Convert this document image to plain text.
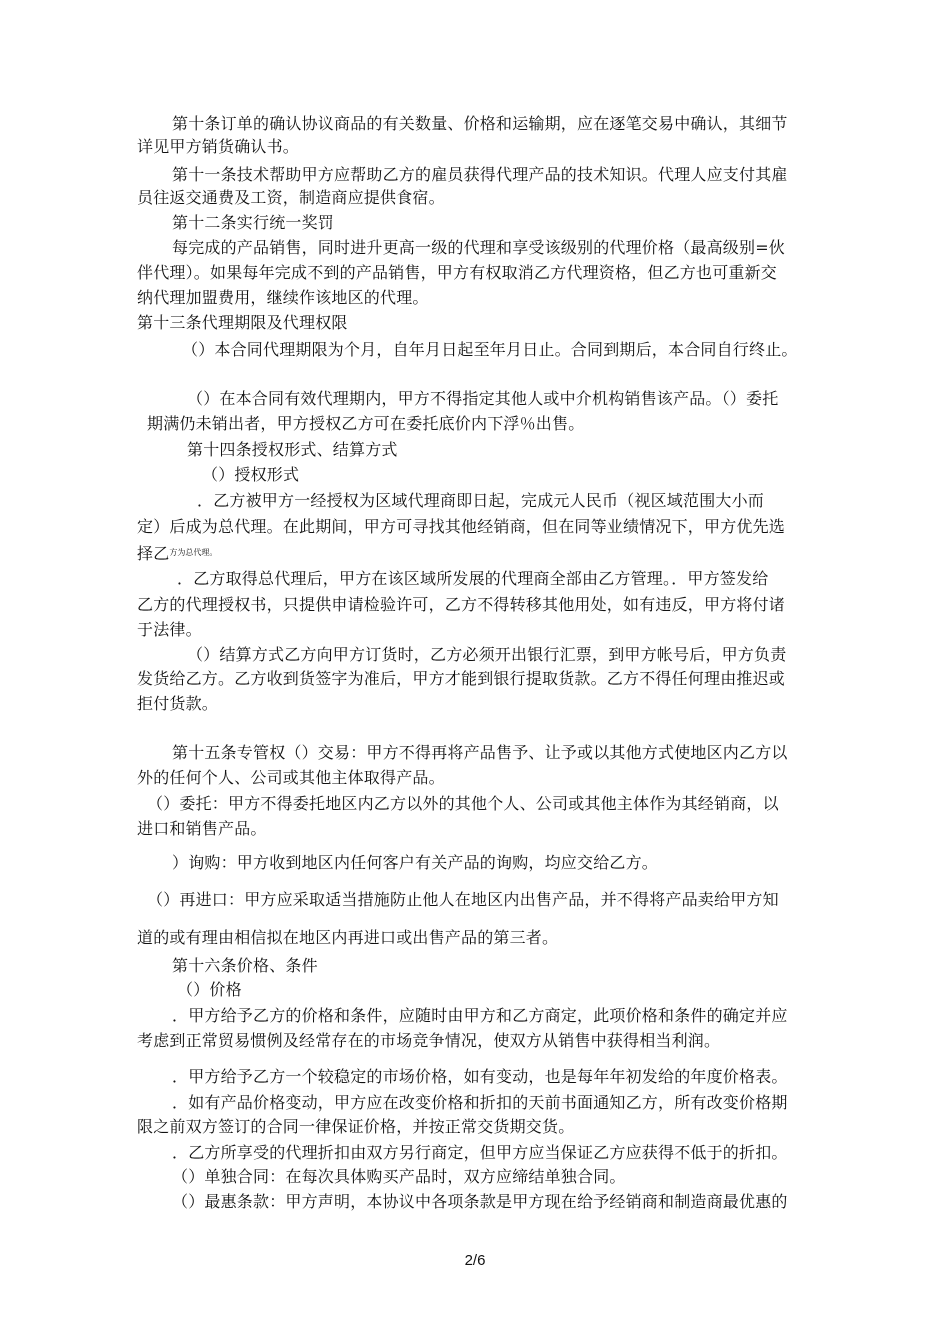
第十条订单的确认协议商品的有关数量、价格和运输期，应在逐笔交易中确认，其细节
详见甲方销货确认书。
第十一条技术帮助甲方应帮助乙方的雇员获得代理产品的技术知识。代理人应支付其雇
员往返交通费及工资，制造商应提供食宿。
第十二条实行统一奖罚
每完成的产品销售，同时进升更高一级的代理和享受该级别的代理价格（最高级别=伙
伴代理）。如果每年完成不到的产品销售，甲方有权取消乙方代理资格，但乙方也可重新交
纳代理加盟费用，继续作该地区的代理。
第十三条代理期限及代理权限
（）本合同代理期限为个月，自年月日起至年月日止。合同到期后，本合同自行终止。
（）在本合同有效代理期内，甲方不得指定其他人或中介机构销售该产品。（）委托
期满仍未销出者，甲方授权乙方可在委托底价内下浮％出售。
第十四条授权形式、结算方式
（）授权形式
．乙方被甲方一经授权为区域代理商即日起，完成元人民币（视区域范围大小而
定）后成为总代理。在此期间，甲方可寻找其他经销商，但在同等业绩情况下，甲方优先选
择乙$^{方为总代理。}$
．乙方取得总代理后，甲方在该区域所发展的代理商全部由乙方管理。．甲方签发给
乙方的代理授权书，只提供申请检验许可，乙方不得转移其他用处，如有违反，甲方将付诸
于法律。
（）结算方式乙方向甲方订货时，乙方必须开出银行汇票，到甲方帐号后，甲方负责
发货给乙方。乙方收到货签字为准后，甲方才能到银行提取货款。乙方不得任何理由推迟或
拒付货款。
第十五条专管权（）交易：甲方不得再将产品售予、让予或以其他方式使地区内乙方以
外的任何个人、公司或其他主体取得产品。
（）委托：甲方不得委托地区内乙方以外的其他个人、公司或其他主体作为其经销商，以
进口和销售产品。
）询购：甲方收到地区内任何客户有关产品的询购，均应交给乙方。
（）再进口：甲方应采取适当措施防止他人在地区内出售产品，并不得将产品卖给甲方知
道的或有理由相信拟在地区内再进口或出售产品的第三者。
第十六条价格、条件
（）价格
．甲方给予乙方的价格和条件，应随时由甲方和乙方商定，此项价格和条件的确定并应
考虑到正常贸易惯例及经常存在的市场竞争情况，使双方从销售中获得相当利润。
．甲方给予乙方一个较稳定的市场价格，如有变动，也是每年年初发给的年度价格表。
．如有产品价格变动，甲方应在改变价格和折扣的天前书面通知乙方，所有改变价格期
限之前双方签订的合同一律保证价格，并按正常交货期交货。
．乙方所享受的代理折扣由双方另行商定，但甲方应当保证乙方应获得不低于的折扣。
（）单独合同：在每次具体购买产品时，双方应缔结单独合同。
（）最惠条款：甲方声明，本协议中各项条款是甲方现在给予经销商和制造商最优惠的
2/6
